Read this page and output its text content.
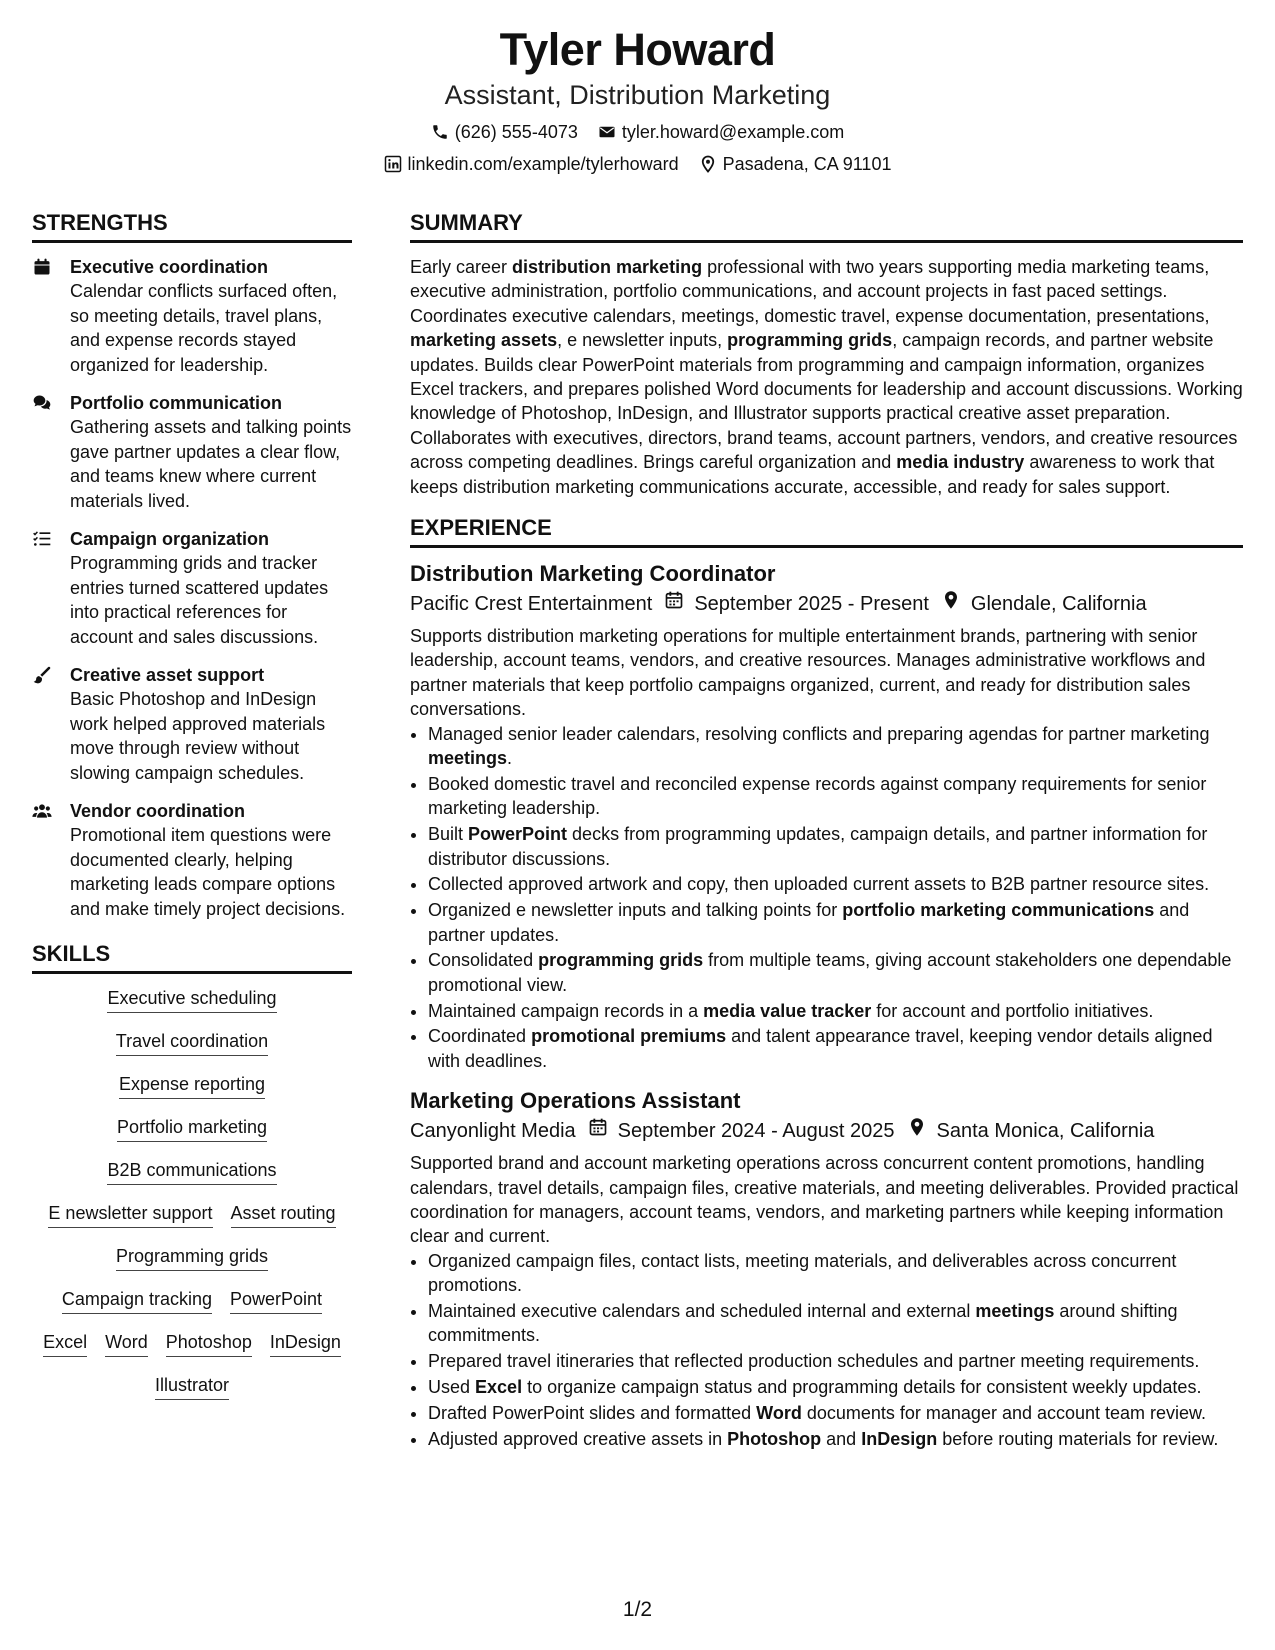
Tyler Howard
Assistant, Distribution Marketing
(626) 555-4073 tyler.howard@example.com
linkedin.com/example/tylerhoward Pasadena, CA 91101
STRENGTHS
Executive coordination
Calendar conflicts surfaced often, so meeting details, travel plans, and expense records stayed organized for leadership.
Portfolio communication
Gathering assets and talking points gave partner updates a clear flow, and teams knew where current materials lived.
Campaign organization
Programming grids and tracker entries turned scattered updates into practical references for account and sales discussions.
Creative asset support
Basic Photoshop and InDesign work helped approved materials move through review without slowing campaign schedules.
Vendor coordination
Promotional item questions were documented clearly, helping marketing leads compare options and make timely project decisions.
SKILLS
Executive scheduling
Travel coordination
Expense reporting
Portfolio marketing
B2B communications
E newsletter support Asset routing
Programming grids
Campaign tracking PowerPoint
Excel Word Photoshop InDesign
Illustrator
SUMMARY
Early career distribution marketing professional with two years supporting media marketing teams, executive administration, portfolio communications, and account projects in fast paced settings. Coordinates executive calendars, meetings, domestic travel, expense documentation, presentations, marketing assets, e newsletter inputs, programming grids, campaign records, and partner website updates. Builds clear PowerPoint materials from programming and campaign information, organizes Excel trackers, and prepares polished Word documents for leadership and account discussions. Working knowledge of Photoshop, InDesign, and Illustrator supports practical creative asset preparation. Collaborates with executives, directors, brand teams, account partners, vendors, and creative resources across competing deadlines. Brings careful organization and media industry awareness to work that keeps distribution marketing communications accurate, accessible, and ready for sales support.
EXPERIENCE
Distribution Marketing Coordinator
Pacific Crest Entertainment September 2025 - Present Glendale, California
Supports distribution marketing operations for multiple entertainment brands, partnering with senior leadership, account teams, vendors, and creative resources. Manages administrative workflows and partner materials that keep portfolio campaigns organized, current, and ready for distribution sales conversations.
• Managed senior leader calendars, resolving conflicts and preparing agendas for partner marketing meetings.
• Booked domestic travel and reconciled expense records against company requirements for senior marketing leadership.
• Built PowerPoint decks from programming updates, campaign details, and partner information for distributor discussions.
• Collected approved artwork and copy, then uploaded current assets to B2B partner resource sites.
• Organized e newsletter inputs and talking points for portfolio marketing communications and partner updates.
• Consolidated programming grids from multiple teams, giving account stakeholders one dependable promotional view.
• Maintained campaign records in a media value tracker for account and portfolio initiatives.
• Coordinated promotional premiums and talent appearance travel, keeping vendor details aligned with deadlines.
Marketing Operations Assistant
Canyonlight Media September 2024 - August 2025 Santa Monica, California
Supported brand and account marketing operations across concurrent content promotions, handling calendars, travel details, campaign files, creative materials, and meeting deliverables. Provided practical coordination for managers, account teams, vendors, and marketing partners while keeping information clear and current.
• Organized campaign files, contact lists, meeting materials, and deliverables across concurrent promotions.
• Maintained executive calendars and scheduled internal and external meetings around shifting commitments.
• Prepared travel itineraries that reflected production schedules and partner meeting requirements.
• Used Excel to organize campaign status and programming details for consistent weekly updates.
• Drafted PowerPoint slides and formatted Word documents for manager and account team review.
• Adjusted approved creative assets in Photoshop and InDesign before routing materials for review.
1/2
